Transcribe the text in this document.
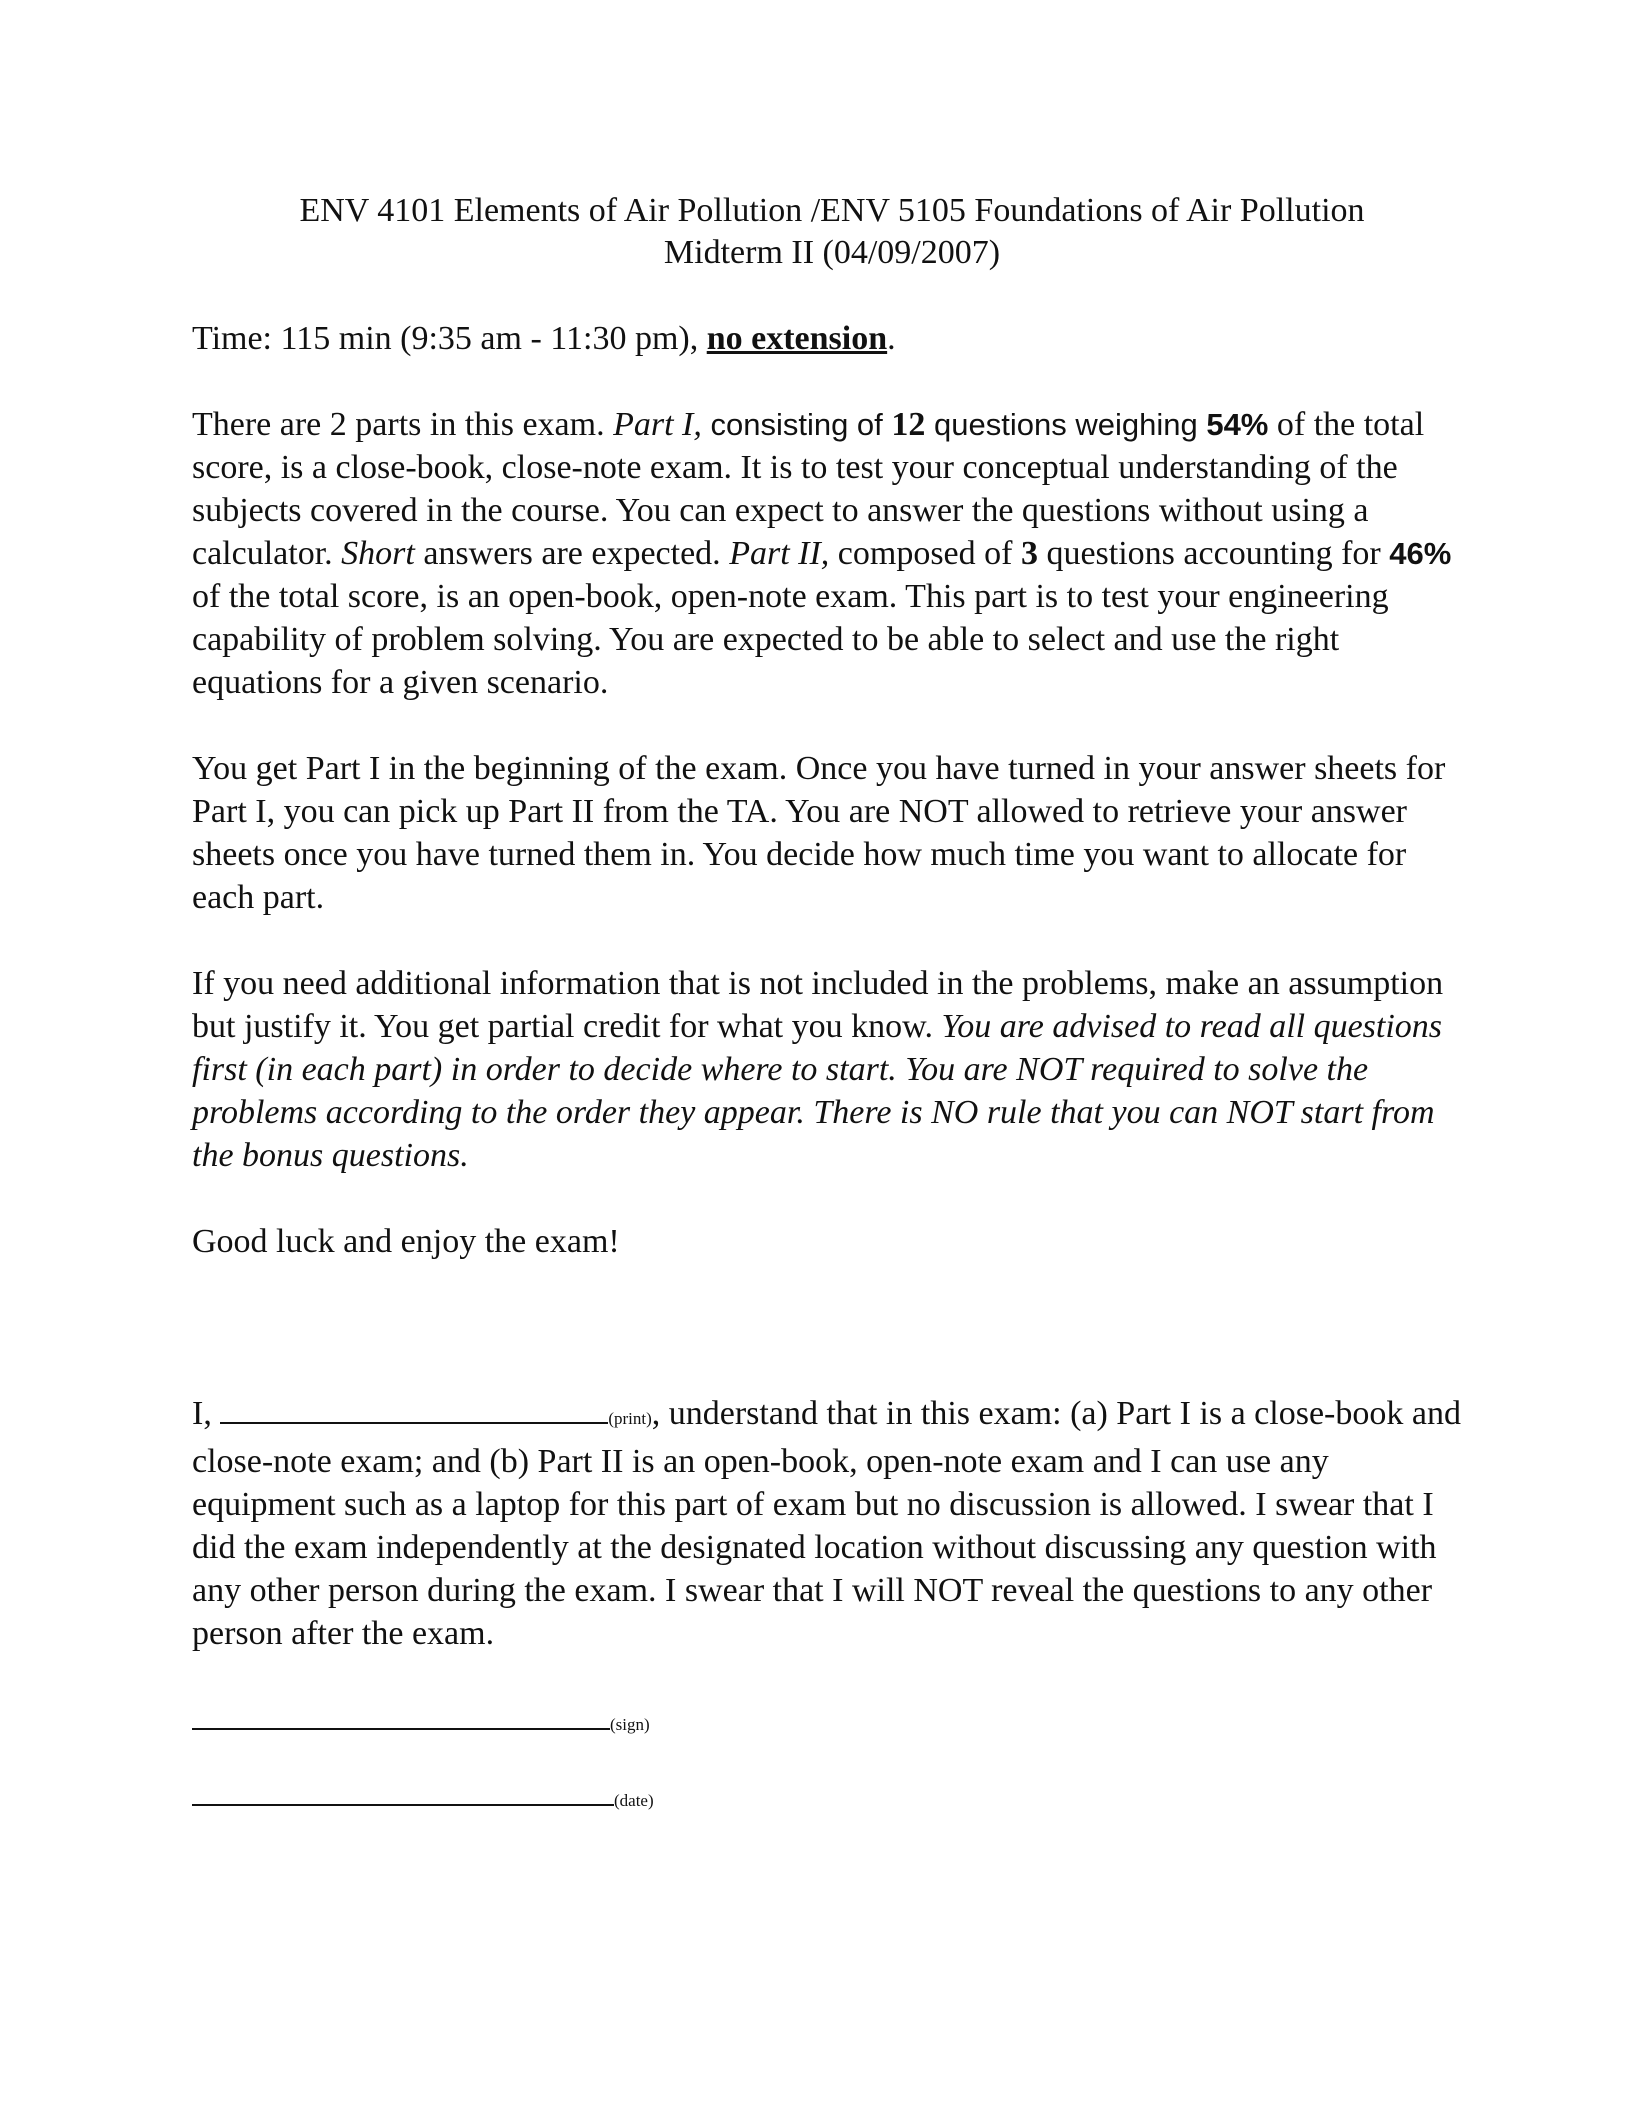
ENV 4101 Elements of Air Pollution /ENV 5105 Foundations of Air Pollution
Midterm II (04/09/2007)

Time: 115 min (9:35 am - 11:30 pm), no extension.

There are 2 parts in this exam. Part I, consisting of 12 questions weighing 54% of the total score, is a close-book, close-note exam. It is to test your conceptual understanding of the subjects covered in the course. You can expect to answer the questions without using a calculator. Short answers are expected. Part II, composed of 3 questions accounting for 46% of the total score, is an open-book, open-note exam. This part is to test your engineering capability of problem solving. You are expected to be able to select and use the right equations for a given scenario.

You get Part I in the beginning of the exam. Once you have turned in your answer sheets for Part I, you can pick up Part II from the TA. You are NOT allowed to retrieve your answer sheets once you have turned them in. You decide how much time you want to allocate for each part.

If you need additional information that is not included in the problems, make an assumption but justify it. You get partial credit for what you know. You are advised to read all questions first (in each part) in order to decide where to start. You are NOT required to solve the problems according to the order they appear. There is NO rule that you can NOT start from the bonus questions.

Good luck and enjoy the exam!

I,	(print), understand that in this exam: (a) Part I is a close-book and close-note exam; and (b) Part II is an open-book, open-note exam and I can use any equipment such as a laptop for this part of exam but no discussion is allowed. I swear that I did the exam independently at the designated location without discussing any question with any other person during the exam. I swear that I will NOT reveal the questions to any other person after the exam.

(sign)
(date)
